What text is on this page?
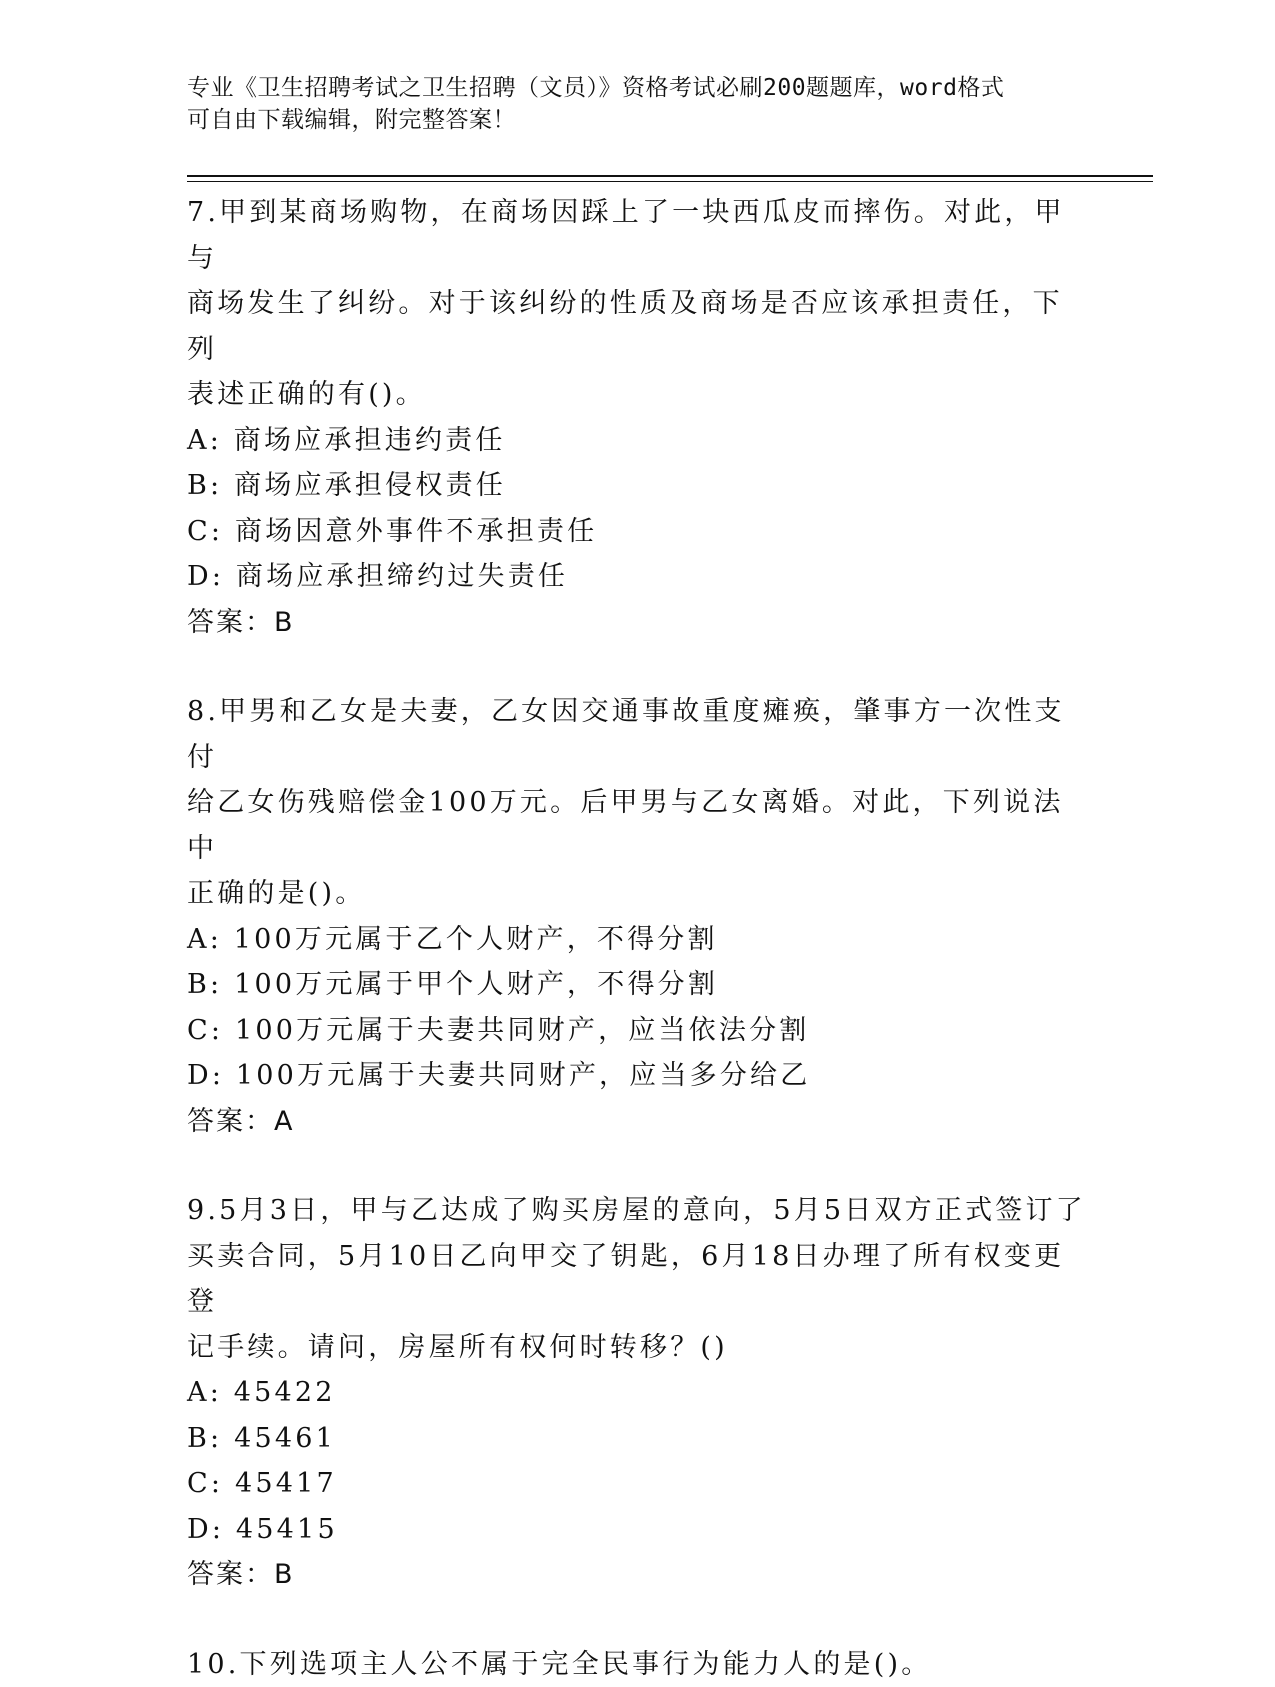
专业《卫生招聘考试之卫生招聘（文员）》资格考试必刷200题题库，word格式
可自由下载编辑，附完整答案！

7.甲到某商场购物，在商场因踩上了一块西瓜皮而摔伤。对此，甲与

商场发生了纠纷。对于该纠纷的性质及商场是否应该承担责任，下列

表述正确的有()。

A: 商场应承担违约责任

B: 商场应承担侵权责任

C: 商场因意外事件不承担责任

D: 商场应承担缔约过失责任

答案：B

8.甲男和乙女是夫妻，乙女因交通事故重度瘫痪，肇事方一次性支付

给乙女伤残赔偿金100万元。后甲男与乙女离婚。对此，下列说法中

正确的是()。

A: 100万元属于乙个人财产，不得分割

B: 100万元属于甲个人财产，不得分割

C: 100万元属于夫妻共同财产，应当依法分割

D: 100万元属于夫妻共同财产，应当多分给乙

答案：A

9.5月3日，甲与乙达成了购买房屋的意向，5月5日双方正式签订了

买卖合同，5月10日乙向甲交了钥匙，6月18日办理了所有权变更登

记手续。请问，房屋所有权何时转移？()

A: 45422

B: 45461

C: 45417

D: 45415

答案：B

10.下列选项主人公不属于完全民事行为能力人的是()。
